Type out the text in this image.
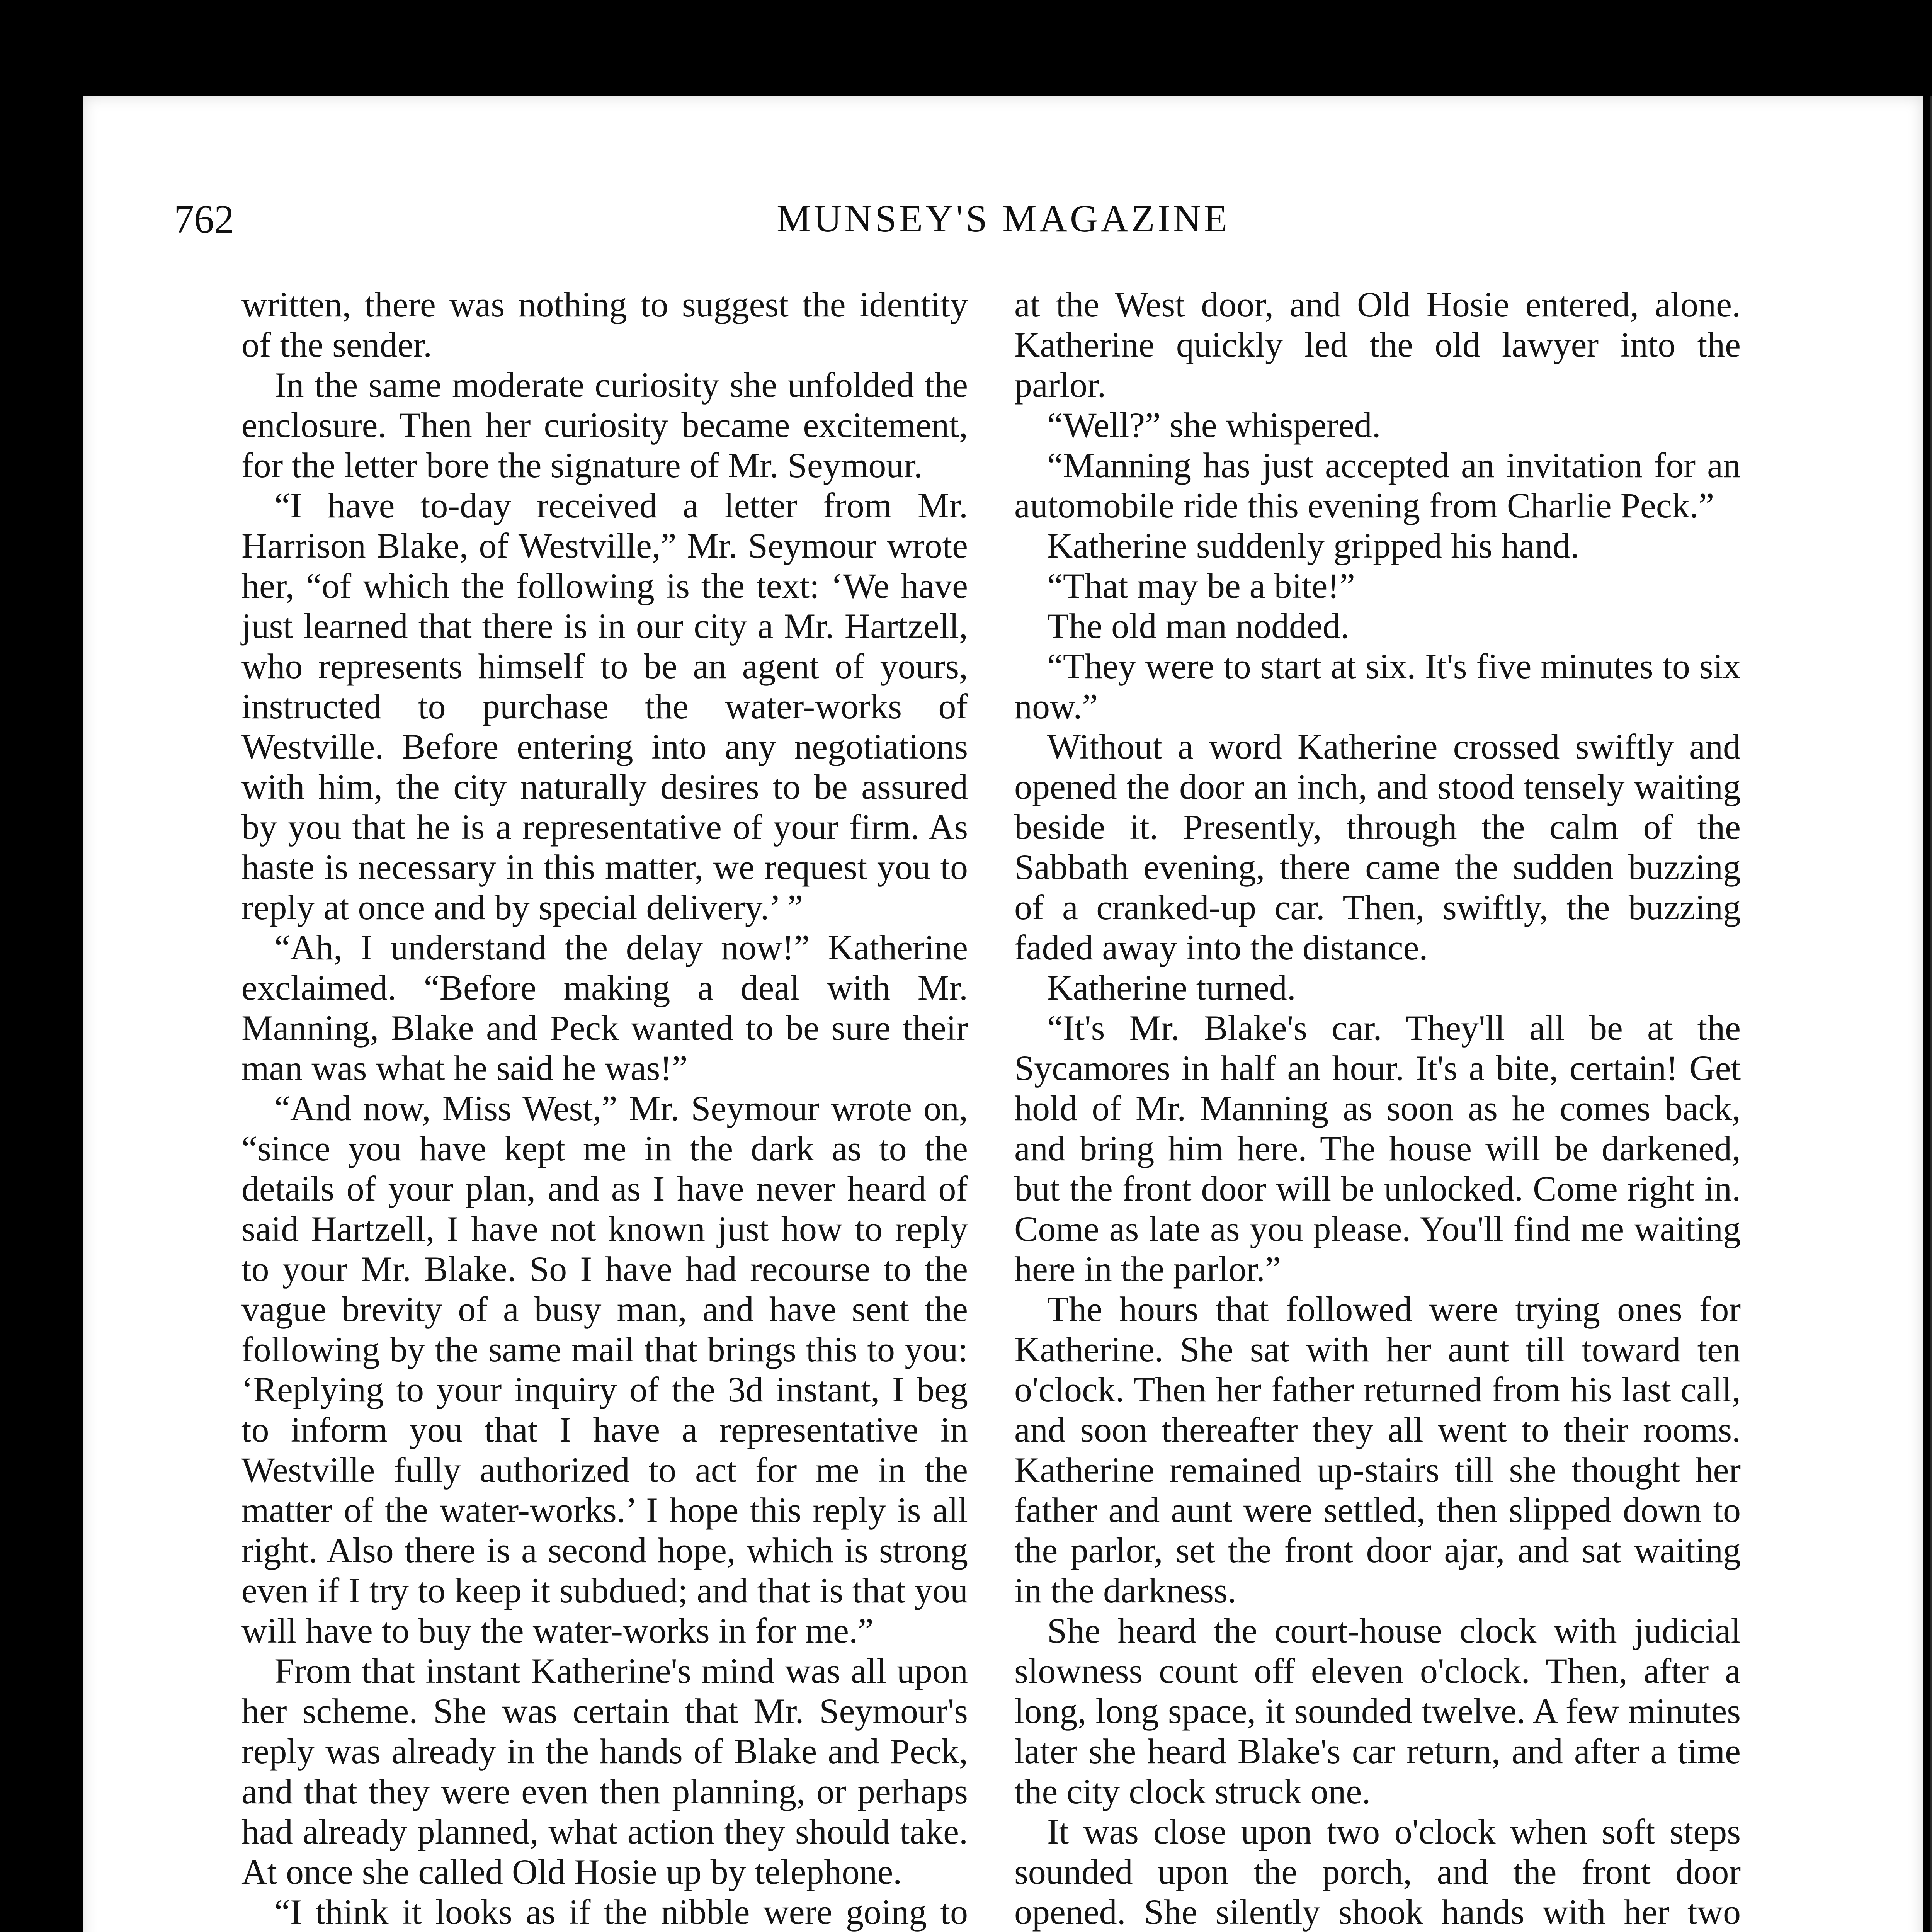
762	MUNSEY'S MAGAZINE

written, there was nothing to suggest the identity of the sender.

In the same moderate curiosity she unfolded the enclosure. Then her curiosity became excitement, for the letter bore the signature of Mr. Seymour.

“I have to-day received a letter from Mr. Harrison Blake, of Westville,” Mr. Seymour wrote her, “of which the following is the text: ‘We have just learned that there is in our city a Mr. Hartzell, who represents himself to be an agent of yours, instructed to purchase the water-works of Westville. Before entering into any negotiations with him, the city naturally desires to be assured by you that he is a representative of your firm. As haste is necessary in this matter, we request you to reply at once and by special delivery.’ ”

“Ah, I understand the delay now!” Katherine exclaimed. “Before making a deal with Mr. Manning, Blake and Peck wanted to be sure their man was what he said he was!”

“And now, Miss West,” Mr. Seymour wrote on, “since you have kept me in the dark as to the details of your plan, and as I have never heard of said Hartzell, I have not known just how to reply to your Mr. Blake. So I have had recourse to the vague brevity of a busy man, and have sent the following by the same mail that brings this to you: ‘Replying to your inquiry of the 3d instant, I beg to inform you that I have a representative in Westville fully authorized to act for me in the matter of the water-works.’ I hope this reply is all right. Also there is a second hope, which is strong even if I try to keep it subdued; and that is that you will have to buy the water-works in for me.”

From that instant Katherine's mind was all upon her scheme. She was certain that Mr. Seymour's reply was already in the hands of Blake and Peck, and that they were even then planning, or perhaps had already planned, what action they should take. At once she called Old Hosie up by telephone.

“I think it looks as if the nibble were going to

at the West door, and Old Hosie entered, alone. Katherine quickly led the old lawyer into the parlor.

“Well?” she whispered.

“Manning has just accepted an invitation for an automobile ride this evening from Charlie Peck.”

Katherine suddenly gripped his hand.

“That may be a bite!”

The old man nodded.

“They were to start at six. It's five minutes to six now.”

Without a word Katherine crossed swiftly and opened the door an inch, and stood tensely waiting beside it. Presently, through the calm of the Sabbath evening, there came the sudden buzzing of a cranked-up car. Then, swiftly, the buzzing faded away into the distance.

Katherine turned.

“It's Mr. Blake's car. They'll all be at the Sycamores in half an hour. It's a bite, certain! Get hold of Mr. Manning as soon as he comes back, and bring him here. The house will be darkened, but the front door will be unlocked. Come right in. Come as late as you please. You'll find me waiting here in the parlor.”

The hours that followed were trying ones for Katherine. She sat with her aunt till toward ten o'clock. Then her father returned from his last call, and soon thereafter they all went to their rooms. Katherine remained up-stairs till she thought her father and aunt were settled, then slipped down to the parlor, set the front door ajar, and sat waiting in the darkness.

She heard the court-house clock with judicial slowness count off eleven o'clock. Then, after a long, long space, it sounded twelve. A few minutes later she heard Blake's car return, and after a time the city clock struck one.

It was close upon two o'clock when soft steps sounded upon the porch, and the front door opened. She silently shook hands with her two
